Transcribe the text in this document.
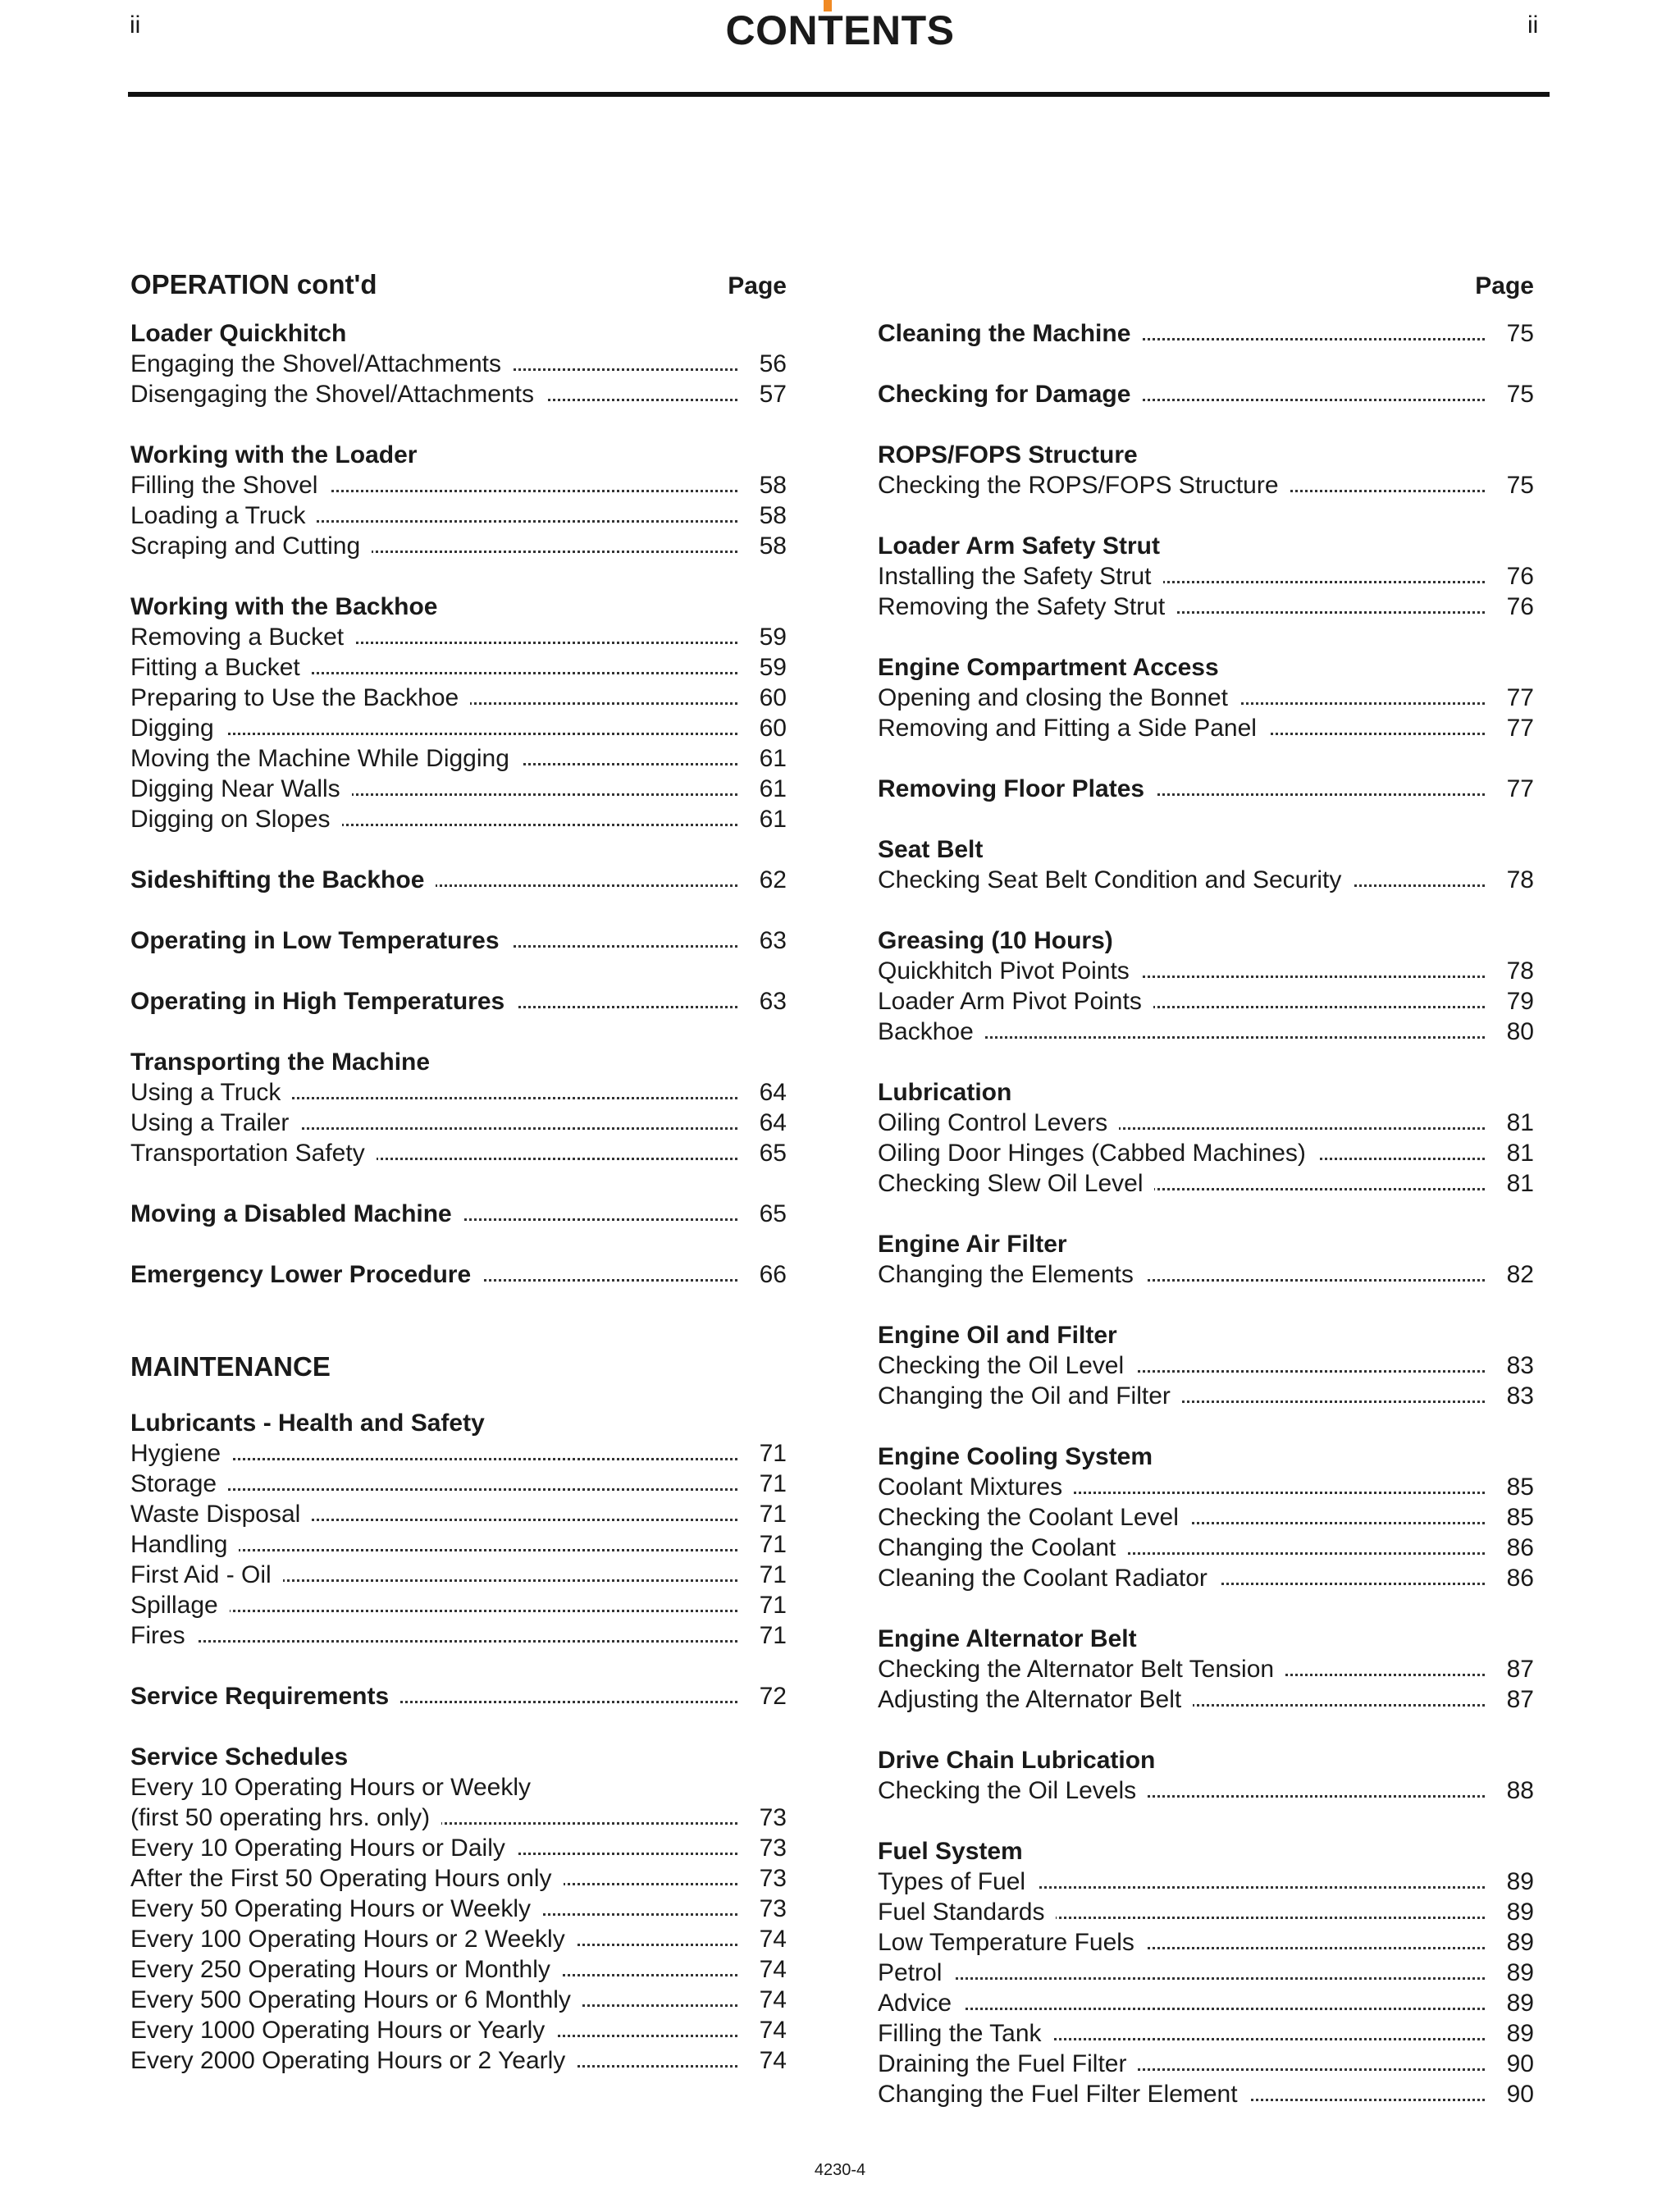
ii	CONTENTS	ii
OPERATION cont'd	Page
Loader Quickhitch
Engaging the Shovel/Attachments	56
Disengaging the Shovel/Attachments	57
Working with the Loader
Filling the Shovel	58
Loading a Truck	58
Scraping and Cutting	58
Working with the Backhoe
Removing a Bucket	59
Fitting a Bucket	59
Preparing to Use the Backhoe	60
Digging	60
Moving the Machine While Digging	61
Digging Near Walls	61
Digging on Slopes	61
Sideshifting the Backhoe	62
Operating in Low Temperatures	63
Operating in High Temperatures	63
Transporting the Machine
Using a Truck	64
Using a Trailer	64
Transportation Safety	65
Moving a Disabled Machine	65
Emergency Lower Procedure	66
MAINTENANCE
Lubricants - Health and Safety
Hygiene	71
Storage	71
Waste Disposal	71
Handling	71
First Aid - Oil	71
Spillage	71
Fires	71
Service Requirements	72
Service Schedules
Every 10 Operating Hours or Weekly
(first 50 operating hrs. only)	73
Every 10 Operating Hours or Daily	73
After the First 50 Operating Hours only	73
Every 50 Operating Hours or Weekly	73
Every 100 Operating Hours or 2 Weekly	74
Every 250 Operating Hours or Monthly	74
Every 500 Operating Hours or 6 Monthly	74
Every 1000 Operating Hours or Yearly	74
Every 2000 Operating Hours or 2 Yearly	74
Page
Cleaning the Machine	75
Checking for Damage	75
ROPS/FOPS Structure
Checking the ROPS/FOPS Structure	75
Loader Arm Safety Strut
Installing the Safety Strut	76
Removing the Safety Strut	76
Engine Compartment Access
Opening and closing the Bonnet	77
Removing and Fitting a Side Panel	77
Removing Floor Plates	77
Seat Belt
Checking Seat Belt Condition and Security	78
Greasing (10 Hours)
Quickhitch Pivot Points	78
Loader Arm Pivot Points	79
Backhoe	80
Lubrication
Oiling Control Levers	81
Oiling Door Hinges (Cabbed Machines)	81
Checking Slew Oil Level	81
Engine Air Filter
Changing the Elements	82
Engine Oil and Filter
Checking the Oil Level	83
Changing the Oil and Filter	83
Engine Cooling System
Coolant Mixtures	85
Checking the Coolant Level	85
Changing the Coolant	86
Cleaning the Coolant Radiator	86
Engine Alternator Belt
Checking the Alternator Belt Tension	87
Adjusting the Alternator Belt	87
Drive Chain Lubrication
Checking the Oil Levels	88
Fuel System
Types of Fuel	89
Fuel Standards	89
Low Temperature Fuels	89
Petrol	89
Advice	89
Filling the Tank	89
Draining the Fuel Filter	90
Changing the Fuel Filter Element	90
4230-4
